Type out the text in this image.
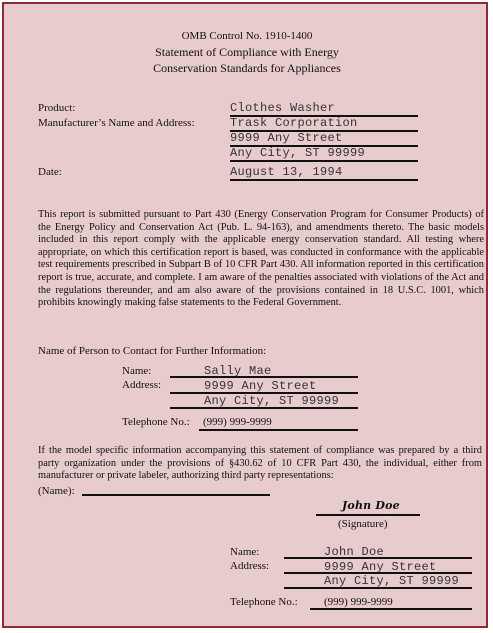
OMB Control No. 1910-1400
Statement of Compliance with Energy
Conservation Standards for Appliances
Product:	Clothes Washer
Manufacturer’s Name and Address:	Trask Corporation
9999 Any Street
Any City, ST 99999
Date:	August 13, 1994
This report is submitted pursuant to Part 430 (Energy Conservation Program for Consumer Products) of the Energy Policy and Conservation Act (Pub. L. 94-163), and amendments thereto. The basic models included in this report comply with the applicable energy conservation standard. All testing where appropriate, on which this certification report is based, was conducted in conformance with the applicable test requirements prescribed in Subpart B of 10 CFR Part 430. All information reported in this certification report is true, accurate, and complete. I am aware of the penalties associated with violations of the Act and the regulations thereunder, and am also aware of the provisions contained in 18 U.S.C. 1001, which prohibits knowingly making false statements to the Federal Government.
Name of Person to Contact for Further Information:
Name:	Sally Mae
Address:	9999 Any Street
Any City, ST 99999
Telephone No.: (999) 999-9999
If the model specific information accompanying this statement of compliance was prepared by a third party organization under the provisions of §430.62 of 10 CFR Part 430, the individual, either from manufacturer or private labeler, authorizing third party representations:
(Name):
John Doe
(Signature)
Name:	John Doe
Address:	9999 Any Street
Any City, ST 99999
Telephone No.: (999) 999-9999
